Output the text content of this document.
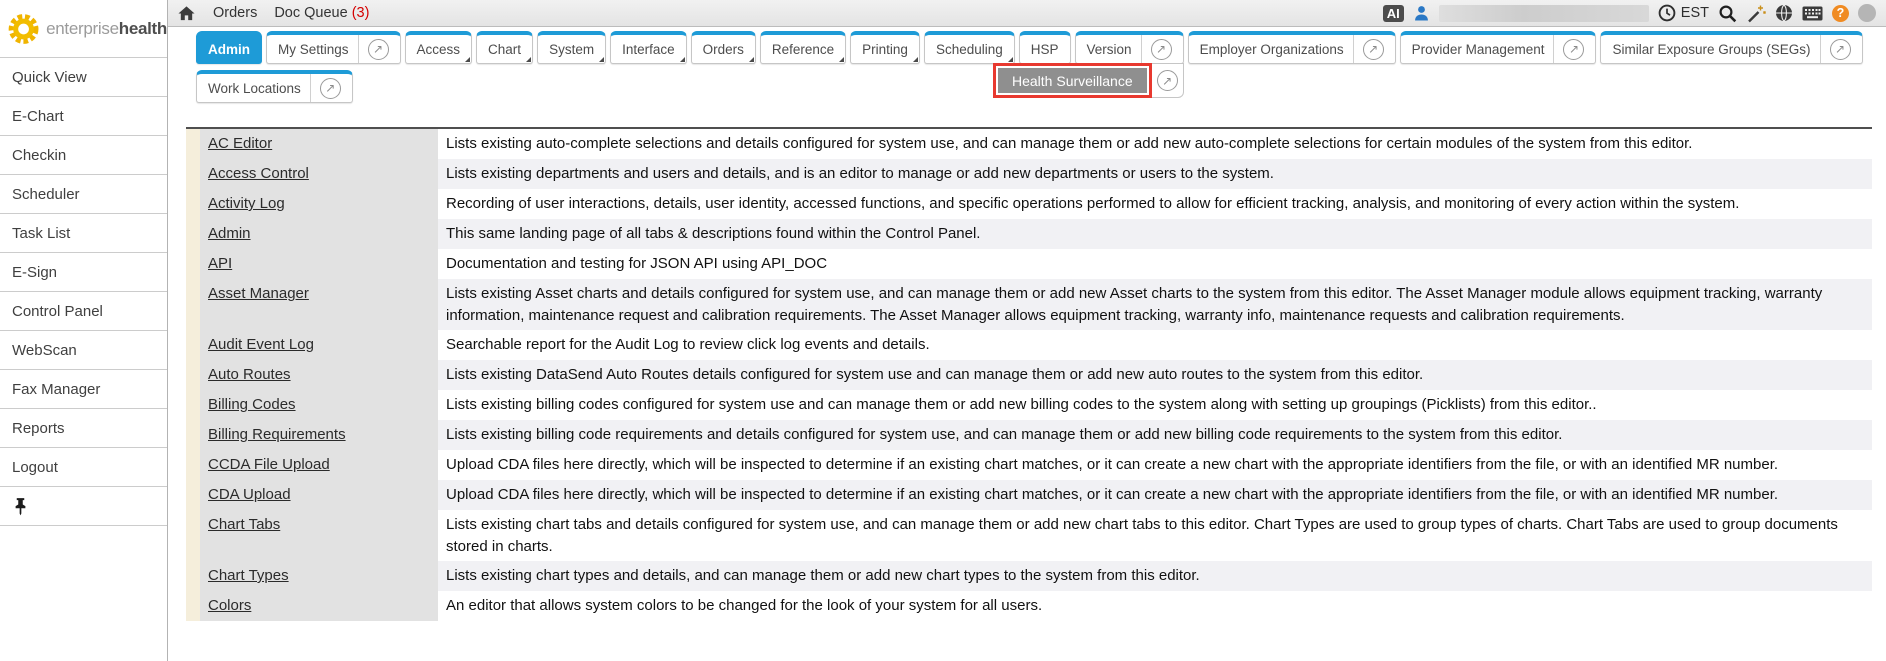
enterprisehealth
Quick View
E-Chart
Checkin
Scheduler
Task List
E-Sign
Control Panel
WebScan
Fax Manager
Reports
Logout
Orders Doc Queue (3)	AI	EST	?
Admin My Settings	↗	Access Chart System Interface Orders Reference Printing Scheduling HSP Version	↗	Employer Organizations	↗	Provider Management	↗	Similar Exposure Groups (SEGs)	↗
Work Locations	↗	Health Surveillance	↗
AC Editor	Lists existing auto-complete selections and details configured for system use, and can manage them or add new auto-complete selections for certain modules of the system from this editor.
Access Control	Lists existing departments and users and details, and is an editor to manage or add new departments or users to the system.
Activity Log	Recording of user interactions, details, user identity, accessed functions, and specific operations performed to allow for efficient tracking, analysis, and monitoring of every action within the system.
Admin	This same landing page of all tabs & descriptions found within the Control Panel.
API	Documentation and testing for JSON API using API_DOC
Asset Manager	Lists existing Asset charts and details configured for system use, and can manage them or add new Asset charts to the system from this editor. The Asset Manager module allows equipment tracking, warranty information, maintenance request and calibration requirements. The Asset Manager allows equipment tracking, warranty info, maintenance requests and calibration requirements.
Audit Event Log	Searchable report for the Audit Log to review click log events and details.
Auto Routes	Lists existing DataSend Auto Routes details configured for system use and can manage them or add new auto routes to the system from this editor.
Billing Codes	Lists existing billing codes configured for system use and can manage them or add new billing codes to the system along with setting up groupings (Picklists) from this editor..
Billing Requirements	Lists existing billing code requirements and details configured for system use, and can manage them or add new billing code requirements to the system from this editor.
CCDA File Upload	Upload CDA files here directly, which will be inspected to determine if an existing chart matches, or it can create a new chart with the appropriate identifiers from the file, or with an identified MR number.
CDA Upload	Upload CDA files here directly, which will be inspected to determine if an existing chart matches, or it can create a new chart with the appropriate identifiers from the file, or with an identified MR number.
Chart Tabs	Lists existing chart tabs and details configured for system use, and can manage them or add new chart tabs to this editor. Chart Types are used to group types of charts. Chart Tabs are used to group documents stored in charts.
Chart Types	Lists existing chart types and details, and can manage them or add new chart types to the system from this editor.
Colors	An editor that allows system colors to be changed for the look of your system for all users.
